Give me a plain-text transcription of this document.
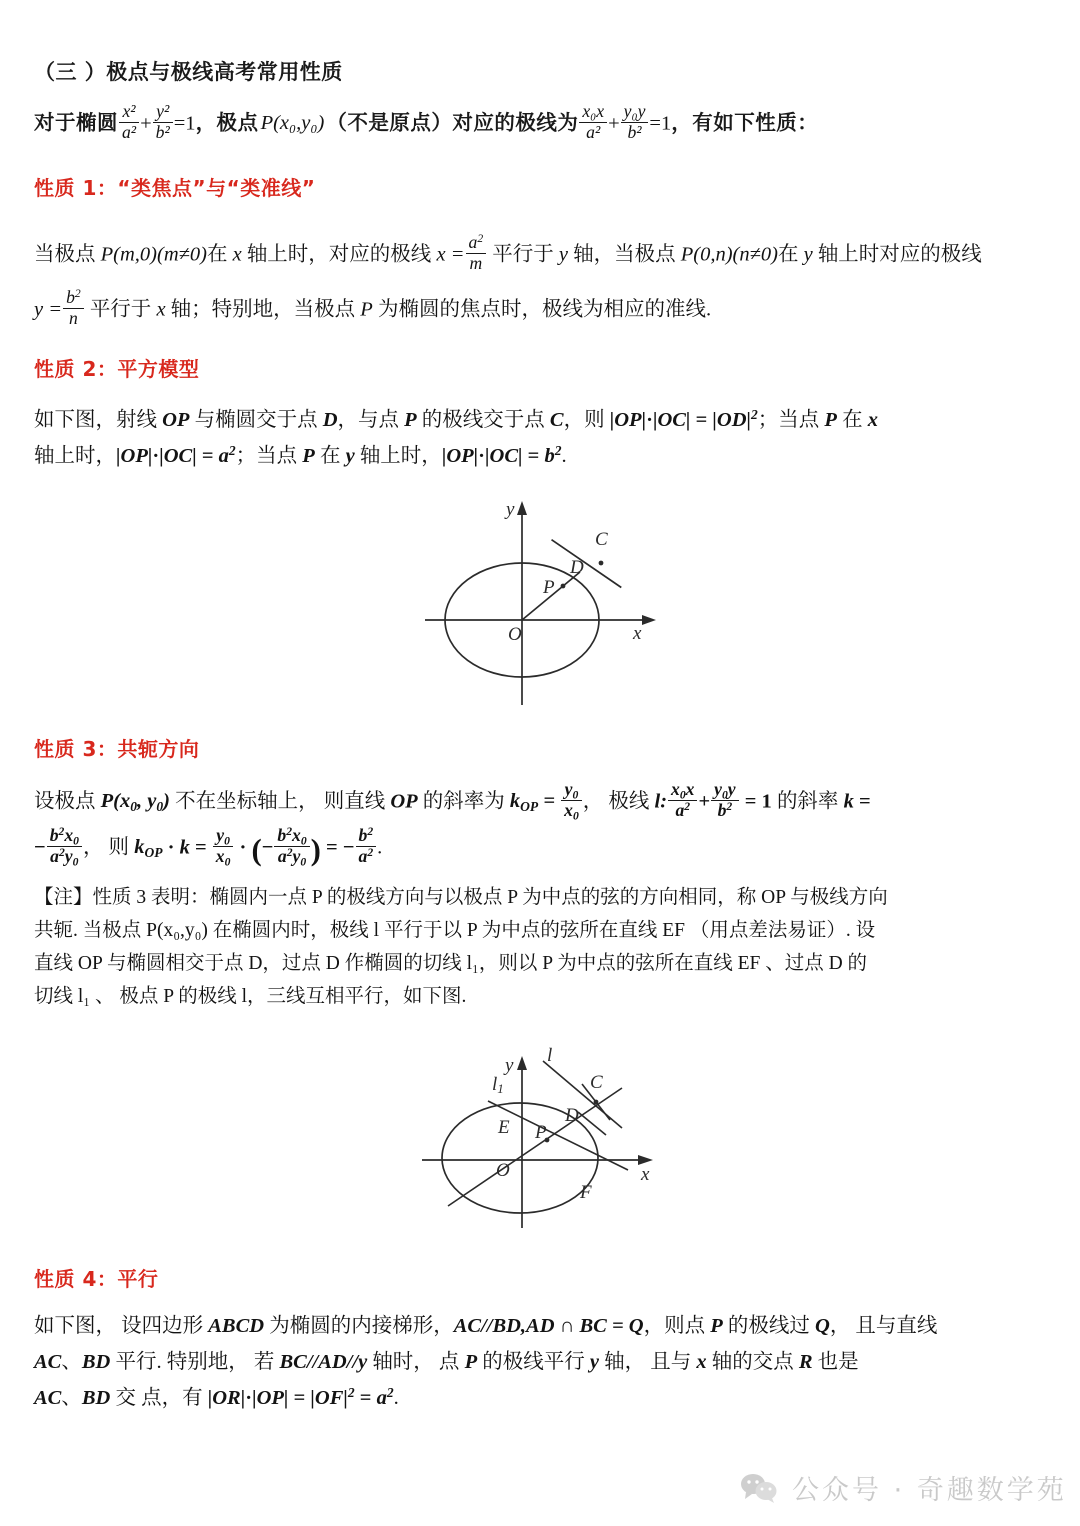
（三 ）极点与极线高考常用性质
对于椭圆 $\frac{\text{x²}}{\text{a²}} + \frac{\text{y²}}{\text{b²}} =1$，极点P(x₀,y₀)（不是原点）对应的极线为 $\frac{\text{x₀x}}{\text{a²}} + \frac{\text{y₀y}}{\text{b²}} =1$，有如下性质：
性质 1：“类焦点”与“类准线”
当极点 P(m,0)(m≠0)在 x 轴上时，对应的极线 $x = \frac{a^2}{m}$ 平行于 y 轴，当极点 P(0,n)(n≠0)在 y 轴上时对应的极线
$y = \frac{b^2}{n}$ 平行于 x 轴；特别地，当极点 P 为椭圆的焦点时，极线为相应的准线.
性质 2：平方模型
如下图，射线 OP 与椭圆交于点 D，与点 P 的极线交于点 C，则 $|OP|\cdot|OC| = |OD|^2$；当点 P 在 x
轴上时，$|OP|\cdot|OC| = a^2$；当点 P 在 y 轴上时，$|OP|\cdot|OC| = b^2$.
O	x
y
P
D
C
性质 3：共轭方向
设极点 $P(x_0$, $y_0$) 不在坐标轴上， 则直线 OP 的斜率为 $k_{OP} = \frac{y_0}{x_0}$ ， 极线 l: $\frac{x_0x}{a^2} + \frac{y_0y}{b^2} = 1$ 的斜率 k =
− $\frac{b^2x_0}{a^2y_0}$ ， 则 $k_{OP} \cdot k = \frac{y_0}{x_0}$ · (− $\frac{b^2x_0}{a^2y_0}$ ) = − $\frac{b^2}{a^2}$ .
【注】性质 3 表明：椭圆内一点 P 的极线方向与以极点 P 为中点的弦的方向相同，称 OP 与极线方向
共轭. 当极点 P(x₀,y₀) 在椭圆内时，极线 l 平行于以 P 为中点的弦所在直线 EF （用点差法易证）. 设
直线 OP 与椭圆相交于点 D，过点 D 作椭圆的切线 l₁，则以 P 为中点的弦所在直线 EF 、过点 D 的
切线 l₁ 、 极点 P 的极线 l，三线互相平行，如下图.
y
x
O
E P
D
C
F
l
l1
性质 4：平行
如下图， 设四边形 ABCD 为椭圆的内接梯形，AC//BD,AD ∩ BC = Q，则点 P 的极线过 Q， 且与直线
AC、BD 平行. 特别地， 若 BC//AD//y 轴时， 点 P 的极线平行 y 轴， 且与 x 轴的交点 R 也是
AC、BD 交 点，有 $|OR|\cdot|OP| = |OF|^2 = a^2$.
公众号 · 奇趣数学苑
